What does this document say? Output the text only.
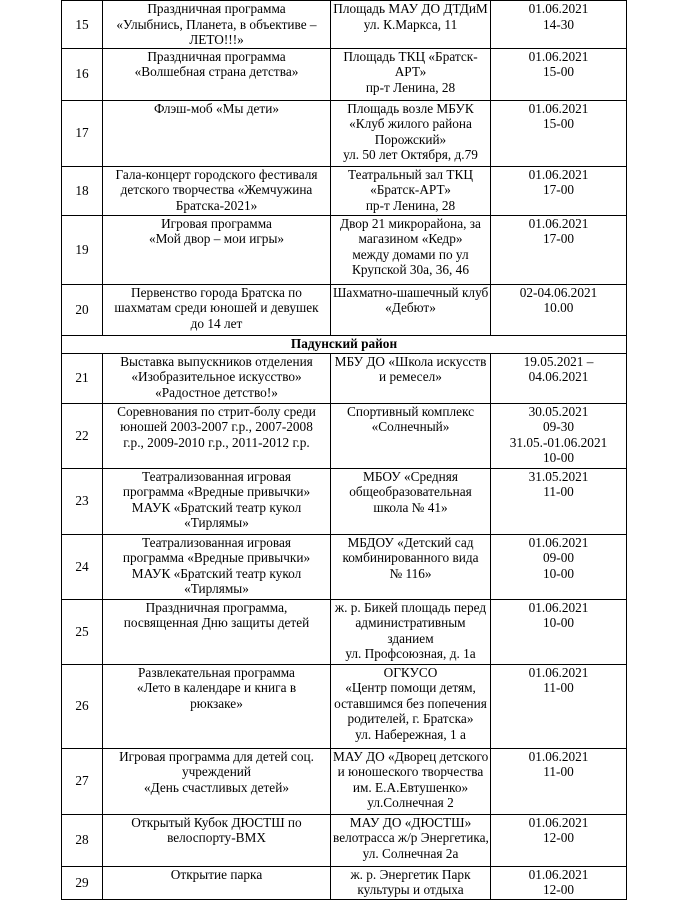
15	Праздничная программа
«Улыбнись, Планета, в объективе –
ЛЕТО!!!»	Площадь МАУ ДО ДТДиМ
ул. К.Маркса, 11	01.06.2021
14-30

16	Праздничная программа
«Волшебная страна детства»	Площадь ТКЦ «Братск-
АРТ»
пр-т Ленина, 28	01.06.2021
15-00

17	Флэш-моб «Мы дети»	Площадь возле МБУК
«Клуб жилого района
Порожский»
ул. 50 лет Октября, д.79	01.06.2021
15-00

18	Гала-концерт городского фестиваля
детского творчества «Жемчужина
Братска-2021»	Театральный зал ТКЦ
«Братск-АРТ»
пр-т Ленина, 28	01.06.2021
17-00

19	Игровая программа
«Мой двор – мои игры»	Двор 21 микрорайона, за
магазином «Кедр»
между домами по ул
Крупской 30а, 36, 46	01.06.2021
17-00

20	Первенство города Братска по
шахматам среди юношей и девушек
до 14 лет	Шахматно-шашечный клуб
«Дебют»	02-04.06.2021
10.00

Падунский район			
21	Выставка выпускников отделения
«Изобразительное искусство»
«Радостное детство!»	МБУ ДО «Школа искусств
и ремесел»	19.05.2021 –
04.06.2021

22	Соревнования по стрит-болу среди
юношей 2003-2007 г.р., 2007-2008
г.р., 2009-2010 г.р., 2011-2012 г.р.	Спортивный комплекс
«Солнечный»	30.05.2021
09-30
31.05.-01.06.2021
10-00

23	Театрализованная игровая
программа «Вредные привычки»
МАУК «Братский театр кукол
«Тирлямы»	МБОУ «Средняя
общеобразовательная
школа № 41»	31.05.2021
11-00

24	Театрализованная игровая
программа «Вредные привычки»
МАУК «Братский театр кукол
«Тирлямы»	МБДОУ «Детский сад
комбинированного вида
№ 116»	01.06.2021
09-00
10-00

25	Праздничная программа,
посвященная Дню защиты детей	ж. р. Бикей площадь перед
административным
зданием
ул. Профсоюзная, д. 1а	01.06.2021
10-00

26	Развлекательная программа
«Лето в календаре и книга в
рюкзаке»	ОГКУСО
«Центр помощи детям,
оставшимся без попечения
родителей, г. Братска»
ул. Набережная, 1 а	01.06.2021
11-00

27	Игровая программа для детей соц.
учреждений
«День счастливых детей»	МАУ ДО «Дворец детского
и юношеского творчества
им. Е.А.Евтушенко»
ул.Солнечная 2	01.06.2021
11-00

28	Открытый Кубок ДЮСТШ по
велоспорту-BMX	МАУ ДО «ДЮСТШ»
велотрасса ж/р Энергетика,
ул. Солнечная 2а	01.06.2021
12-00

29	Открытие парка	ж. р. Энергетик Парк
культуры и отдыха	01.06.2021
12-00
